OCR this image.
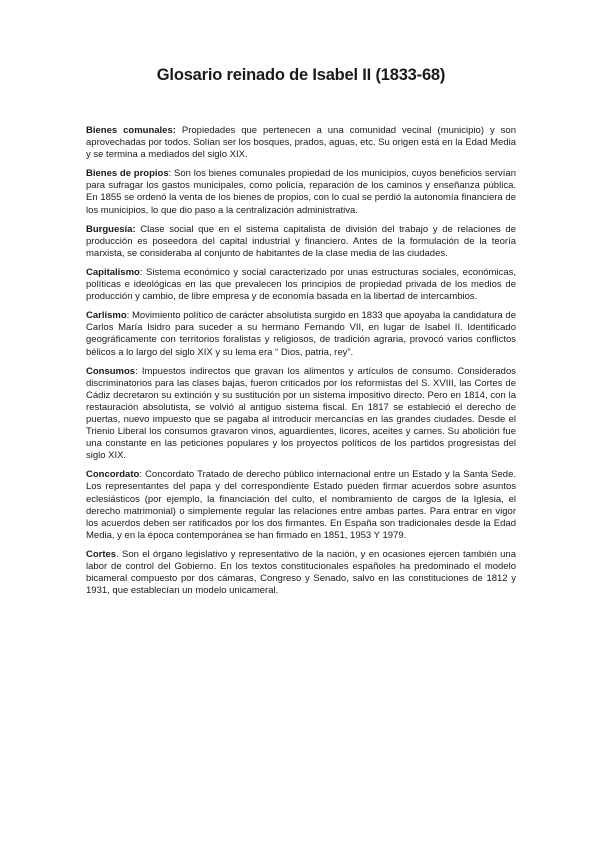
Glosario reinado de Isabel II (1833-68)

Bienes comunales: Propiedades que pertenecen a una comunidad vecinal (municipio) y son aprovechadas por todos. Solían ser los bosques, prados, aguas, etc. Su origen está en la Edad Media y se termina a mediados del siglo XIX.

Bienes de propios: Son los bienes comunales propiedad de los municipios, cuyos beneficios servían para sufragar los gastos municipales, como policía, reparación de los caminos y enseñanza pública. En 1855 se ordenó la venta de los bienes de propios, con lo cual se perdió la autonomía financiera de los municipios, lo que dio paso a la centralización administrativa.

Burguesía: Clase social que en el sistema capitalista de división del trabajo y de relaciones de producción es poseedora del capital industrial y financiero. Antes de la formulación de la teoría marxista, se consideraba al conjunto de habitantes de la clase media de las ciudades.

Capitalismo: Sistema económico y social caracterizado por unas estructuras sociales, económicas, políticas e ideológicas en las que prevalecen los principios de propiedad privada de los medios de producción y cambio, de libre empresa y de economía basada en la libertad de intercambios.

Carlismo: Movimiento político de carácter absolutista surgido en 1833 que apoyaba la candidatura de Carlos María Isidro para suceder a su hermano Fernando VII, en lugar de Isabel II. Identificado geográficamente con territorios foralistas y religiosos, de tradición agraria, provocó varios conflictos bélicos a lo largo del siglo XIX y su lema era “ Dios, patria, rey”.

Consumos: Impuestos indirectos que gravan los alimentos y artículos de consumo. Considerados discriminatorios para las clases bajas, fueron criticados por los reformistas del S. XVIII, las Cortes de Cádiz decretaron su extinción y su sustitución por un sistema impositivo directo. Pero en 1814, con la restauración absolutista, se volvió al antiguo sistema fiscal. En 1817 se estableció el derecho de puertas, nuevo impuesto que se pagaba al introducir mercancías en las grandes ciudades. Desde el Trienio Liberal los consumos gravaron vinos, aguardientes, licores, aceites y carnes. Su abolición fue una constante en las peticiones populares y los proyectos políticos de los partidos progresistas del siglo XIX.

Concordato: Concordato Tratado de derecho público internacional entre un Estado y la Santa Sede. Los representantes del papa y del correspondiente Estado pueden firmar acuerdos sobre asuntos eclesiásticos (por ejemplo, la financiación del culto, el nombramiento de cargos de la Iglesia, el derecho matrimonial) o simplemente regular las relaciones entre ambas partes. Para entrar en vigor los acuerdos deben ser ratificados por los dos firmantes. En España son tradicionales desde la Edad Media, y en la época contemporánea se han firmado en 1851, 1953 Y 1979.

Cortes. Son el órgano legislativo y representativo de la nación, y en ocasiones ejercen también una labor de control del Gobierno. En los textos constitucionales españoles ha predominado el modelo bicameral compuesto por dos cámaras, Congreso y Senado, salvo en las constituciones de 1812 y 1931, que establecían un modelo unicameral.
